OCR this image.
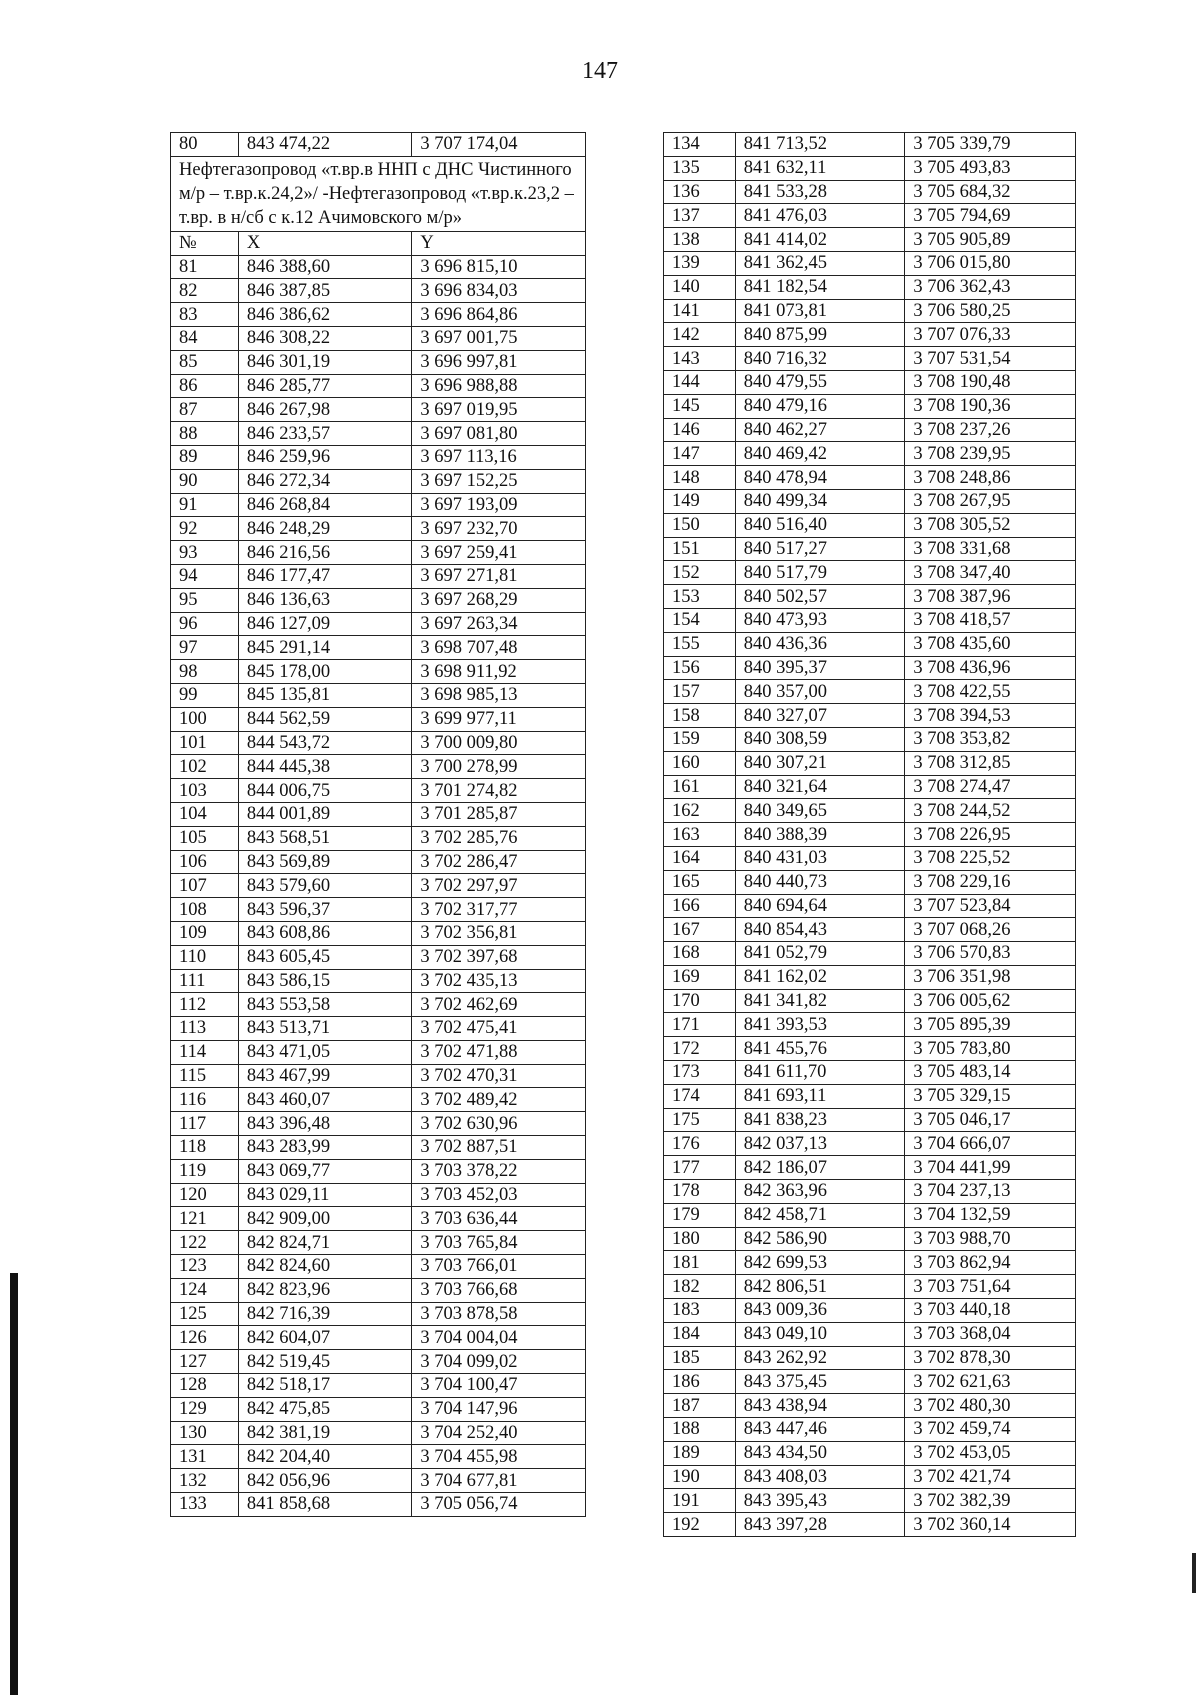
147
80	843 474,22	3 707 174,04
Нефтегазопровод «т.вр.в ННП с ДНС Чистинного м/р – т.вр.к.24,2»/ -Нефтегазопровод «т.вр.к.23,2 – т.вр. в н/сб с к.12 Ачимовского м/р»		
№	X	Y
81	846 388,60	3 696 815,10
82	846 387,85	3 696 834,03
83	846 386,62	3 696 864,86
84	846 308,22	3 697 001,75
85	846 301,19	3 696 997,81
86	846 285,77	3 696 988,88
87	846 267,98	3 697 019,95
88	846 233,57	3 697 081,80
89	846 259,96	3 697 113,16
90	846 272,34	3 697 152,25
91	846 268,84	3 697 193,09
92	846 248,29	3 697 232,70
93	846 216,56	3 697 259,41
94	846 177,47	3 697 271,81
95	846 136,63	3 697 268,29
96	846 127,09	3 697 263,34
97	845 291,14	3 698 707,48
98	845 178,00	3 698 911,92
99	845 135,81	3 698 985,13
100	844 562,59	3 699 977,11
101	844 543,72	3 700 009,80
102	844 445,38	3 700 278,99
103	844 006,75	3 701 274,82
104	844 001,89	3 701 285,87
105	843 568,51	3 702 285,76
106	843 569,89	3 702 286,47
107	843 579,60	3 702 297,97
108	843 596,37	3 702 317,77
109	843 608,86	3 702 356,81
110	843 605,45	3 702 397,68
111	843 586,15	3 702 435,13
112	843 553,58	3 702 462,69
113	843 513,71	3 702 475,41
114	843 471,05	3 702 471,88
115	843 467,99	3 702 470,31
116	843 460,07	3 702 489,42
117	843 396,48	3 702 630,96
118	843 283,99	3 702 887,51
119	843 069,77	3 703 378,22
120	843 029,11	3 703 452,03
121	842 909,00	3 703 636,44
122	842 824,71	3 703 765,84
123	842 824,60	3 703 766,01
124	842 823,96	3 703 766,68
125	842 716,39	3 703 878,58
126	842 604,07	3 704 004,04
127	842 519,45	3 704 099,02
128	842 518,17	3 704 100,47
129	842 475,85	3 704 147,96
130	842 381,19	3 704 252,40
131	842 204,40	3 704 455,98
132	842 056,96	3 704 677,81
133	841 858,68	3 705 056,74
134	841 713,52	3 705 339,79
135	841 632,11	3 705 493,83
136	841 533,28	3 705 684,32
137	841 476,03	3 705 794,69
138	841 414,02	3 705 905,89
139	841 362,45	3 706 015,80
140	841 182,54	3 706 362,43
141	841 073,81	3 706 580,25
142	840 875,99	3 707 076,33
143	840 716,32	3 707 531,54
144	840 479,55	3 708 190,48
145	840 479,16	3 708 190,36
146	840 462,27	3 708 237,26
147	840 469,42	3 708 239,95
148	840 478,94	3 708 248,86
149	840 499,34	3 708 267,95
150	840 516,40	3 708 305,52
151	840 517,27	3 708 331,68
152	840 517,79	3 708 347,40
153	840 502,57	3 708 387,96
154	840 473,93	3 708 418,57
155	840 436,36	3 708 435,60
156	840 395,37	3 708 436,96
157	840 357,00	3 708 422,55
158	840 327,07	3 708 394,53
159	840 308,59	3 708 353,82
160	840 307,21	3 708 312,85
161	840 321,64	3 708 274,47
162	840 349,65	3 708 244,52
163	840 388,39	3 708 226,95
164	840 431,03	3 708 225,52
165	840 440,73	3 708 229,16
166	840 694,64	3 707 523,84
167	840 854,43	3 707 068,26
168	841 052,79	3 706 570,83
169	841 162,02	3 706 351,98
170	841 341,82	3 706 005,62
171	841 393,53	3 705 895,39
172	841 455,76	3 705 783,80
173	841 611,70	3 705 483,14
174	841 693,11	3 705 329,15
175	841 838,23	3 705 046,17
176	842 037,13	3 704 666,07
177	842 186,07	3 704 441,99
178	842 363,96	3 704 237,13
179	842 458,71	3 704 132,59
180	842 586,90	3 703 988,70
181	842 699,53	3 703 862,94
182	842 806,51	3 703 751,64
183	843 009,36	3 703 440,18
184	843 049,10	3 703 368,04
185	843 262,92	3 702 878,30
186	843 375,45	3 702 621,63
187	843 438,94	3 702 480,30
188	843 447,46	3 702 459,74
189	843 434,50	3 702 453,05
190	843 408,03	3 702 421,74
191	843 395,43	3 702 382,39
192	843 397,28	3 702 360,14
